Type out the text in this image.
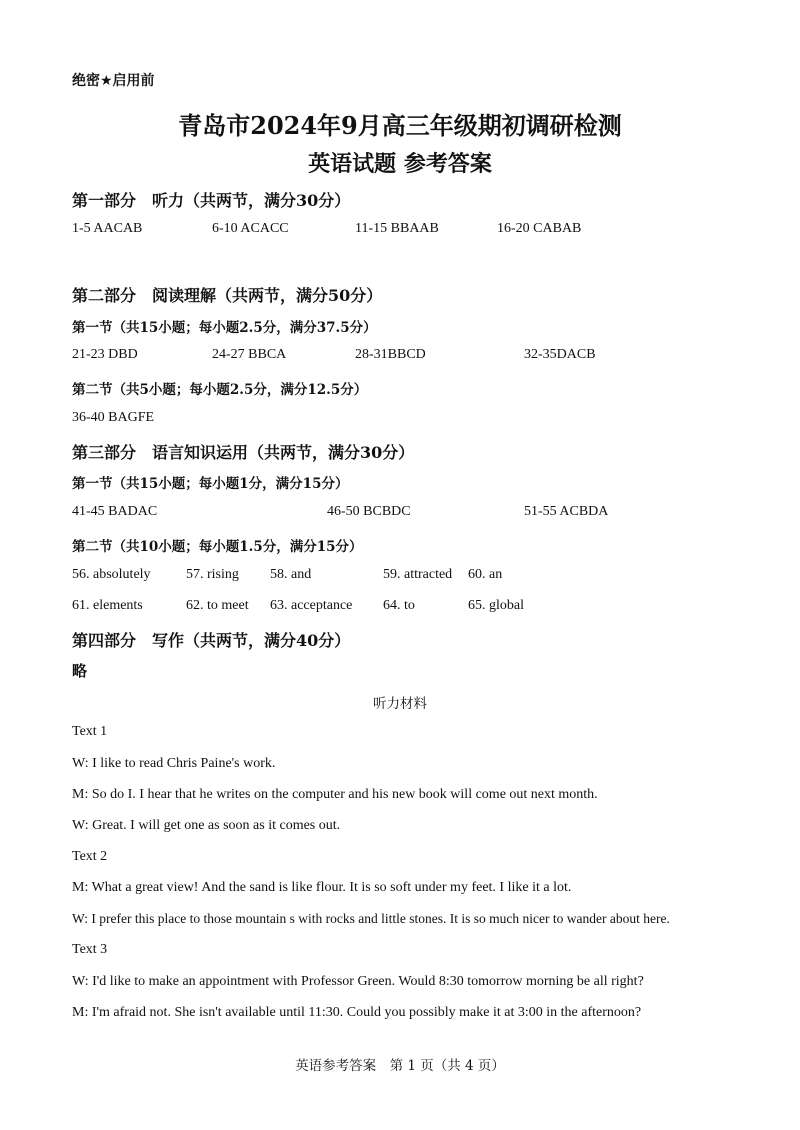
绝密★启用前
青岛市2024年9月高三年级期初调研检测
英语试题 参考答案
第一部分　听力（共两节，满分30分）
1-5 AACAB	6-10 ACACC	11-15 BBAAB	16-20 CABAB
第二部分　阅读理解（共两节，满分50分）
第一节（共15小题；每小题2.5分，满分37.5分）
21-23 DBD	24-27 BBCA	28-31BBCD	32-35DACB
第二节（共5小题；每小题2.5分，满分12.5分）
36-40 BAGFE
第三部分　语言知识运用（共两节，满分30分）
第一节（共15小题；每小题1分，满分15分）
41-45 BADAC	46-50 BCBDC	51-55 ACBDA
第二节（共10小题；每小题1.5分，满分15分）
56. absolutely	57. rising 58. and	59. attracted 60. an
61. elements	62. to meet 63. acceptance 64. to	65. global
第四部分　写作（共两节，满分40分）
略
听力材料
Text 1
W: I like to read Chris Paine's work.
M: So do I. I hear that he writes on the computer and his new book will come out next month.
W: Great. I will get one as soon as it comes out.
Text 2
M: What a great view! And the sand is like flour. It is so soft under my feet. I like it a lot.
W: I prefer this place to those mountain s with rocks and little stones. It is so much nicer to wander about here.
Text 3
W: I'd like to make an appointment with Professor Green. Would 8:30 tomorrow morning be all right?
M: I'm afraid not. She isn't available until 11:30. Could you possibly make it at 3:00 in the afternoon?
英语参考答案　第 1 页（共 4 页）
